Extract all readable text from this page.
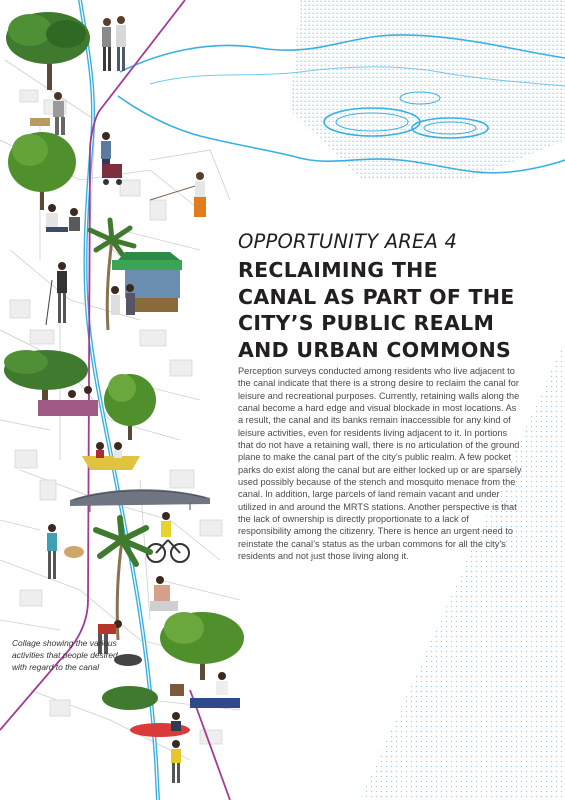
OPPORTUNITY AREA 4

RECLAIMING THE

CANAL AS PART OF THE

CITY’S PUBLIC REALM

AND URBAN COMMONS

Perception surveys conducted among residents who live adjacent to the canal indicate that there is a strong desire to reclaim the canal for leisure and recreational purposes. Currently, retaining walls along the canal become a hard edge and visual blockade in most locations. As a result, the canal and its banks remain inaccessible for any kind of leisure activities, even for residents living adjacent to it. In portions that do not have a retaining wall, there is no articulation of the ground plane to make the canal part of the city’s public realm. A few pocket parks do exist along the canal but are either locked up or are sparsely used possibly because of the stench and mosquito menace from the canal. In addition, large parcels of land remain vacant and under utilized in and around the MRTS stations. Another perspective is that the lack of ownership is directly proportionate to a lack of responsibility among the citizenry. There is hence an urgent need to reinstate the canal’s status as the urban commons for all the city’s residents and not just those living along it.

Collage showing the various activities that people desired with regard to the canal
